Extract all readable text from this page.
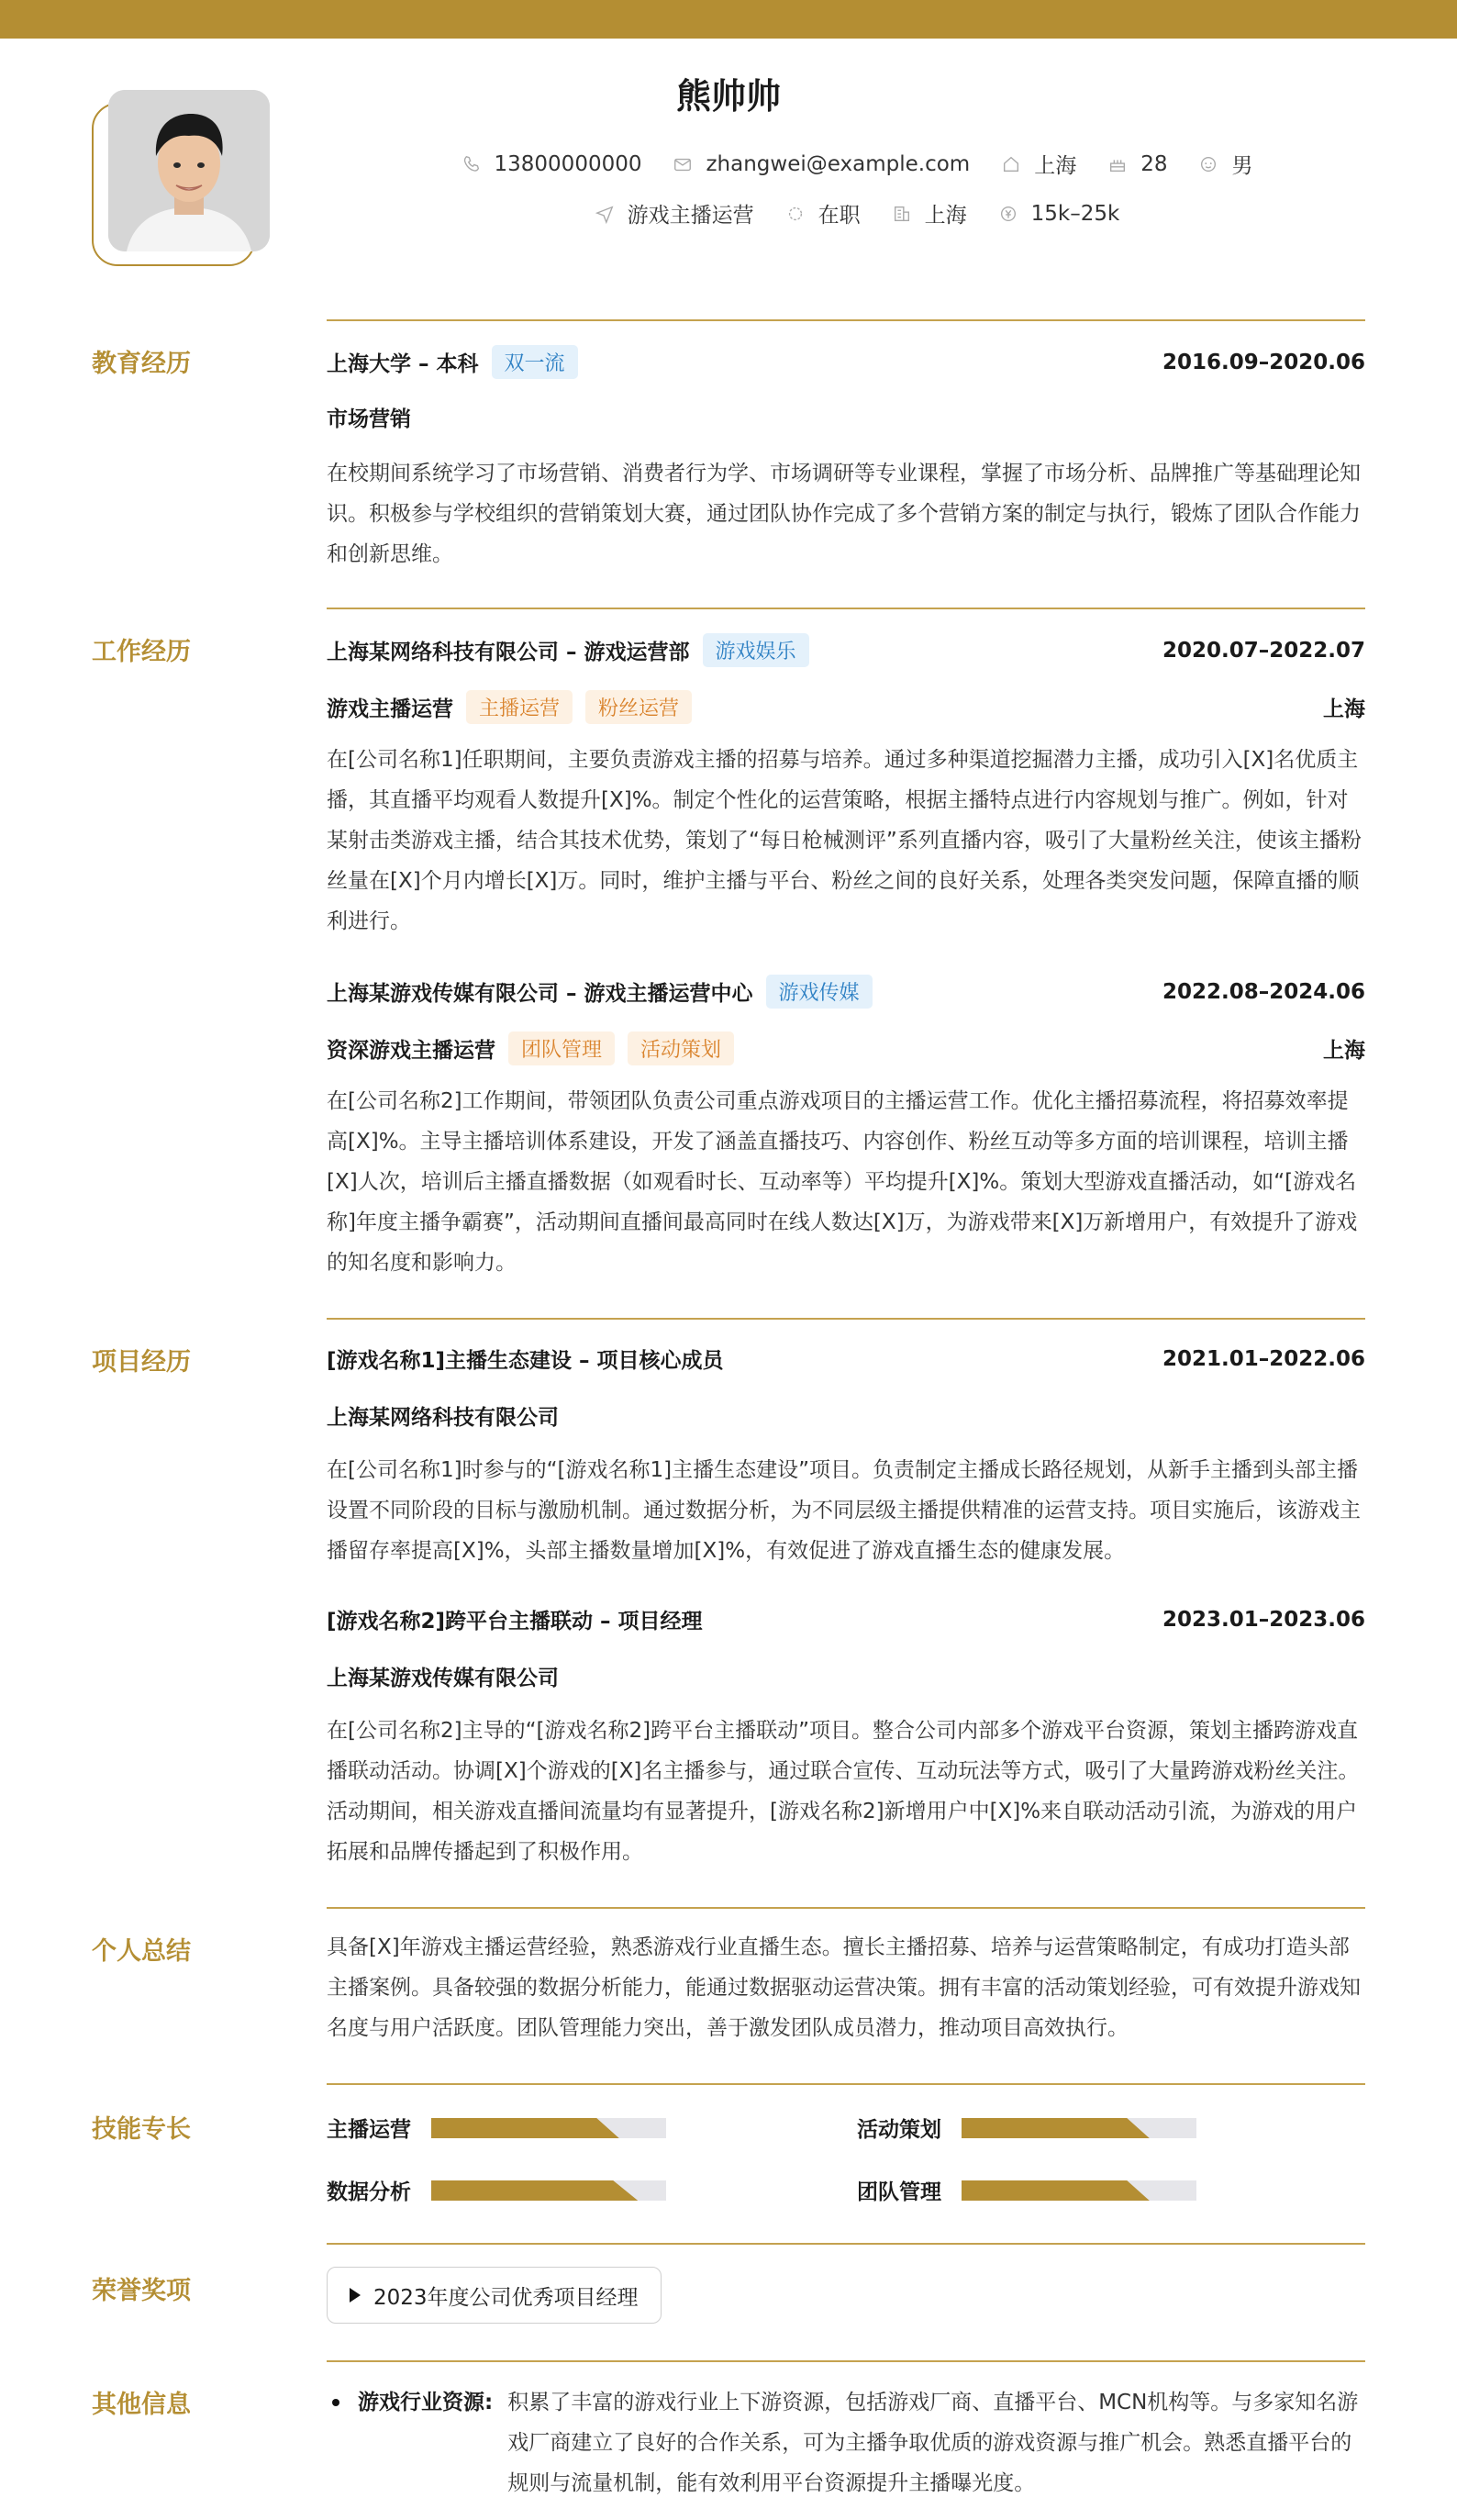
熊帅帅
13800000000	zhangwei@example.com	上海	28	男
游戏主播运营	在职	上海	15k–25k
教育经历	上海大学 – 本科	双一流	2016.09–2020.06
市场营销
在校期间系统学习了市场营销、消费者行为学、市场调研等专业课程，掌握了市场分析、品牌推广等基础理论知识。积极参与学校组织的营销策划大赛，通过团队协作完成了多个营销方案的制定与执行，锻炼了团队合作能力和创新思维。
工作经历	上海某网络科技有限公司 – 游戏运营部	游戏娱乐	2020.07–2022.07
游戏主播运营	主播运营	粉丝运营	上海
在[公司名称1]任职期间，主要负责游戏主播的招募与培养。通过多种渠道挖掘潜力主播，成功引入[X]名优质主播，其直播平均观看人数提升[X]%。制定个性化的运营策略，根据主播特点进行内容规划与推广。例如，针对某射击类游戏主播，结合其技术优势，策划了“每日枪械测评”系列直播内容，吸引了大量粉丝关注，使该主播粉丝量在[X]个月内增长[X]万。同时，维护主播与平台、粉丝之间的良好关系，处理各类突发问题，保障直播的顺利进行。
上海某游戏传媒有限公司 – 游戏主播运营中心	游戏传媒	2022.08–2024.06
资深游戏主播运营	团队管理	活动策划	上海
在[公司名称2]工作期间，带领团队负责公司重点游戏项目的主播运营工作。优化主播招募流程，将招募效率提高[X]%。主导主播培训体系建设，开发了涵盖直播技巧、内容创作、粉丝互动等多方面的培训课程，培训主播[X]人次，培训后主播直播数据（如观看时长、互动率等）平均提升[X]%。策划大型游戏直播活动，如“[游戏名称]年度主播争霸赛”，活动期间直播间最高同时在线人数达[X]万，为游戏带来[X]万新增用户，有效提升了游戏的知名度和影响力。
项目经历	[游戏名称1]主播生态建设 – 项目核心成员	2021.01–2022.06
上海某网络科技有限公司
在[公司名称1]时参与的“[游戏名称1]主播生态建设”项目。负责制定主播成长路径规划，从新手主播到头部主播设置不同阶段的目标与激励机制。通过数据分析，为不同层级主播提供精准的运营支持。项目实施后，该游戏主播留存率提高[X]%，头部主播数量增加[X]%，有效促进了游戏直播生态的健康发展。
[游戏名称2]跨平台主播联动 – 项目经理	2023.01–2023.06
上海某游戏传媒有限公司
在[公司名称2]主导的“[游戏名称2]跨平台主播联动”项目。整合公司内部多个游戏平台资源，策划主播跨游戏直播联动活动。协调[X]个游戏的[X]名主播参与，通过联合宣传、互动玩法等方式，吸引了大量跨游戏粉丝关注。活动期间，相关游戏直播间流量均有显著提升，[游戏名称2]新增用户中[X]%来自联动活动引流，为游戏的用户拓展和品牌传播起到了积极作用。
个人总结	具备[X]年游戏主播运营经验，熟悉游戏行业直播生态。擅长主播招募、培养与运营策略制定，有成功打造头部主播案例。具备较强的数据分析能力，能通过数据驱动运营决策。拥有丰富的活动策划经验，可有效提升游戏知名度与用户活跃度。团队管理能力突出，善于激发团队成员潜力，推动项目高效执行。
技能专长	主播运营	活动策划
数据分析	团队管理
荣誉奖项	2023年度公司优秀项目经理
其他信息	游戏行业资源: 积累了丰富的游戏行业上下游资源，包括游戏厂商、直播平台、MCN机构等。与多家知名游戏厂商建立了良好的合作关系，可为主播争取优质的游戏资源与推广机会。熟悉直播平台的规则与流量机制，能有效利用平台资源提升主播曝光度。
